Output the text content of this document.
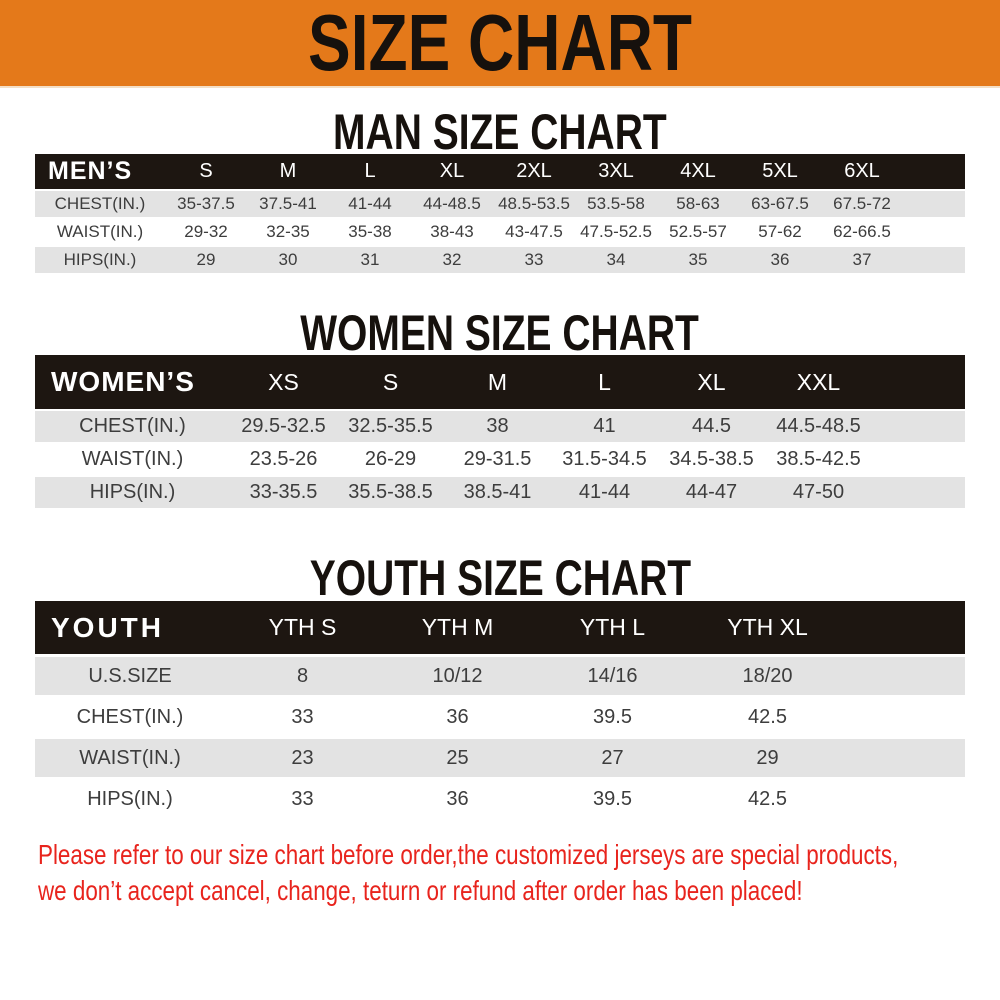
SIZE CHART
MAN SIZE CHART
MEN’S	S	M	L	XL	2XL	3XL	4XL	5XL	6XL	
CHEST(IN.)	35-37.5	37.5-41	41-44	44-48.5	48.5-53.5	53.5-58	58-63	63-67.5	67.5-72	
WAIST(IN.)	29-32	32-35	35-38	38-43	43-47.5	47.5-52.5	52.5-57	57-62	62-66.5	
HIPS(IN.)	29	30	31	32	33	34	35	36	37	
WOMEN SIZE CHART
WOMEN’S	XS	S	M	L	XL	XXL	
CHEST(IN.)	29.5-32.5	32.5-35.5	38	41	44.5	44.5-48.5	
WAIST(IN.)	23.5-26	26-29	29-31.5	31.5-34.5	34.5-38.5	38.5-42.5	
HIPS(IN.)	33-35.5	35.5-38.5	38.5-41	41-44	44-47	47-50	
YOUTH SIZE CHART
YOUTH	YTH S	YTH M	YTH L	YTH XL	
U.S.SIZE	8	10/12	14/16	18/20	
CHEST(IN.)	33	36	39.5	42.5	
WAIST(IN.)	23	25	27	29	
HIPS(IN.)	33	36	39.5	42.5	
Please refer to our size chart before order,the customized jerseys are special products,
we don’t accept cancel, change, teturn or refund after order has been placed!
